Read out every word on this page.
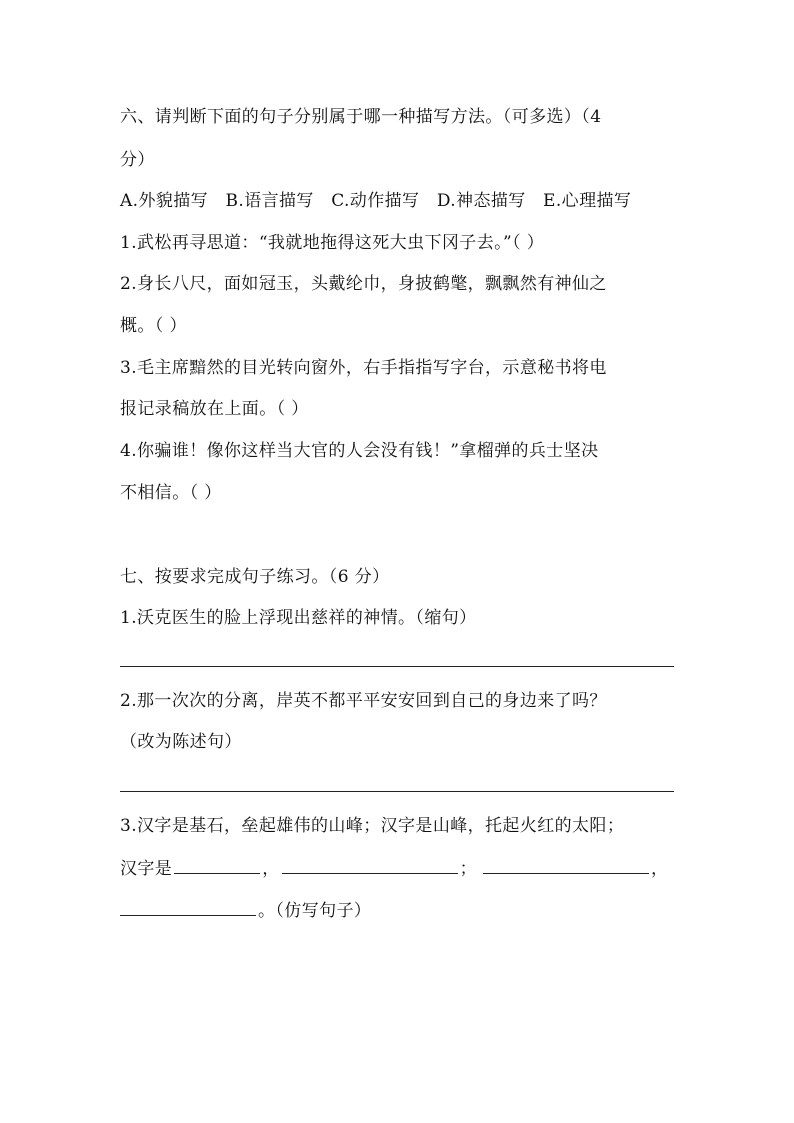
六、请判断下面的句子分别属于哪一种描写方法。（可多选）（4
分）
A.外貌描写   B.语言描写   C.动作描写   D.神态描写   E.心理描写
1.武松再寻思道：“我就地拖得这死大虫下冈子去。”（ ）
2.身长八尺，面如冠玉，头戴纶巾，身披鹤氅，飘飘然有神仙之
概。（ ）
3.毛主席黯然的目光转向窗外，右手指指写字台，示意秘书将电
报记录稿放在上面。（ ）
4.你骗谁！像你这样当大官的人会没有钱！”拿榴弹的兵士坚决
不相信。（ ）
七、按要求完成句子练习。（6 分）
1.沃克医生的脸上浮现出慈祥的神情。（缩句）
2.那一次次的分离，岸英不都平平安安回到自己的身边来了吗？
（改为陈述句）
3.汉字是基石，垒起雄伟的山峰；汉字是山峰，托起火红的太阳；
汉字是	，	；	，
。（仿写句子）
